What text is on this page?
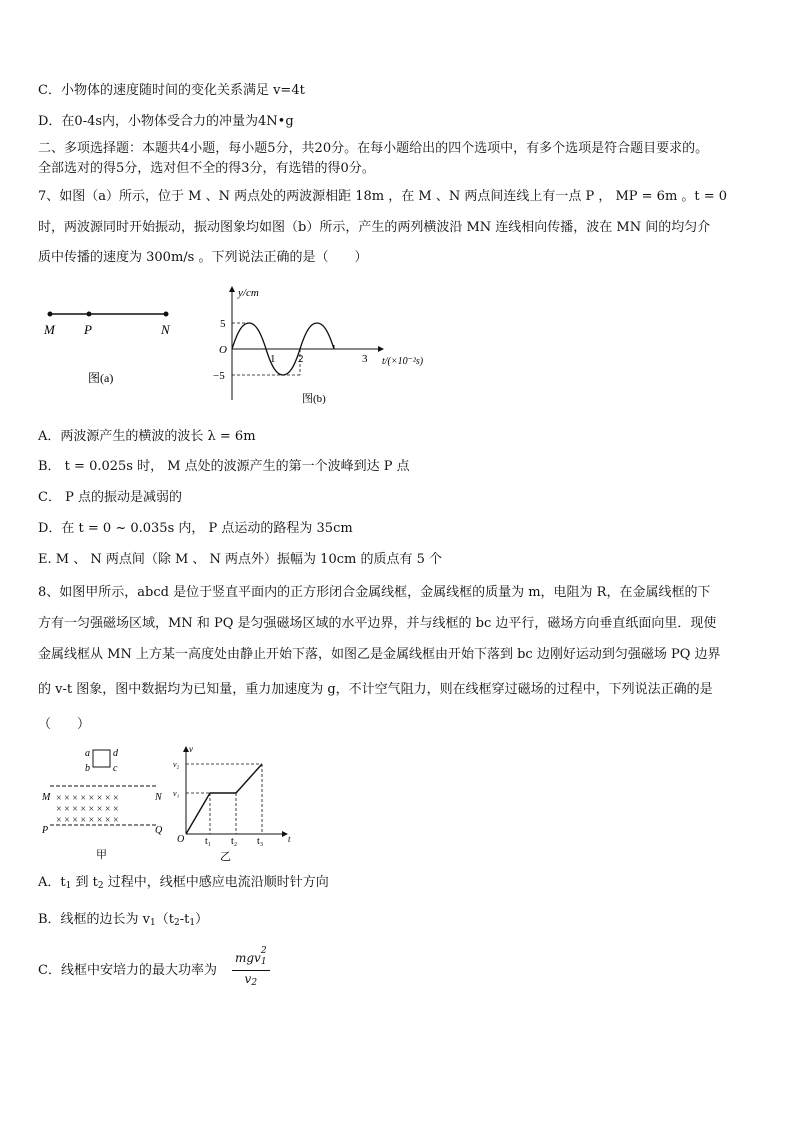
C．小物体的速度随时间的变化关系满足 v=4t
D．在0-4s内，小物体受合力的冲量为4N•g
二、多项选择题：本题共4小题，每小题5分，共20分。在每小题给出的四个选项中，有多个选项是符合题目要求的。
全部选对的得5分，选对但不全的得3分，有选错的得0分。
7、如图（a）所示，位于 M 、N 两点处的两波源相距 18m ，在 M 、N 两点间连线上有一点 P ， MP = 6m 。t = 0
时，两波源同时开始振动，振动图象均如图（b）所示，产生的两列横波沿 MN 连线相向传播，波在 MN 间的均匀介
质中传播的速度为 300m/s 。下列说法正确的是（　　）
M P	N
图(a)
y/cm
5
−5
O
1 2	3 t/(×10⁻²s)
图(b)
A．两波源产生的横波的波长 λ = 6m
B． t = 0.025s 时， M 点处的波源产生的第一个波峰到达 P 点
C． P 点的振动是减弱的
D．在 t = 0 ~ 0.035s 内， P 点运动的路程为 35cm
E. M 、 N 两点间（除 M 、 N 两点外）振幅为 10cm 的质点有 5 个
8、如图甲所示，abcd 是位于竖直平面内的正方形闭合金属线框，金属线框的质量为 m，电阻为 R，在金属线框的下
方有一匀强磁场区域，MN 和 PQ 是匀强磁场区域的水平边界，并与线框的 bc 边平行，磁场方向垂直纸面向里．现使
金属线框从 MN 上方某一高度处由静止开始下落，如图乙是金属线框由开始下落到 bc 边刚好运动到匀强磁场 PQ 边界
的 v-t 图象，图中数据均为已知量，重力加速度为 g，不计空气阻力，则在线框穿过磁场的过程中，下列说法正确的是
（　　）
a d
b c
M	N
P	Q
× × × × × × × ×
× × × × × × × ×
× × × × × × × ×
甲
v
v₂
v₁
O t₁ t₂ t₃	t
乙
A．$t_1$ 到 $t_2$ 过程中，线框中感应电流沿顺时针方向
B．线框的边长为 $v_1(t_2-t_1)$
C．线框中安培力的最大功率为
mgv 2
$_1$
$v_2$
